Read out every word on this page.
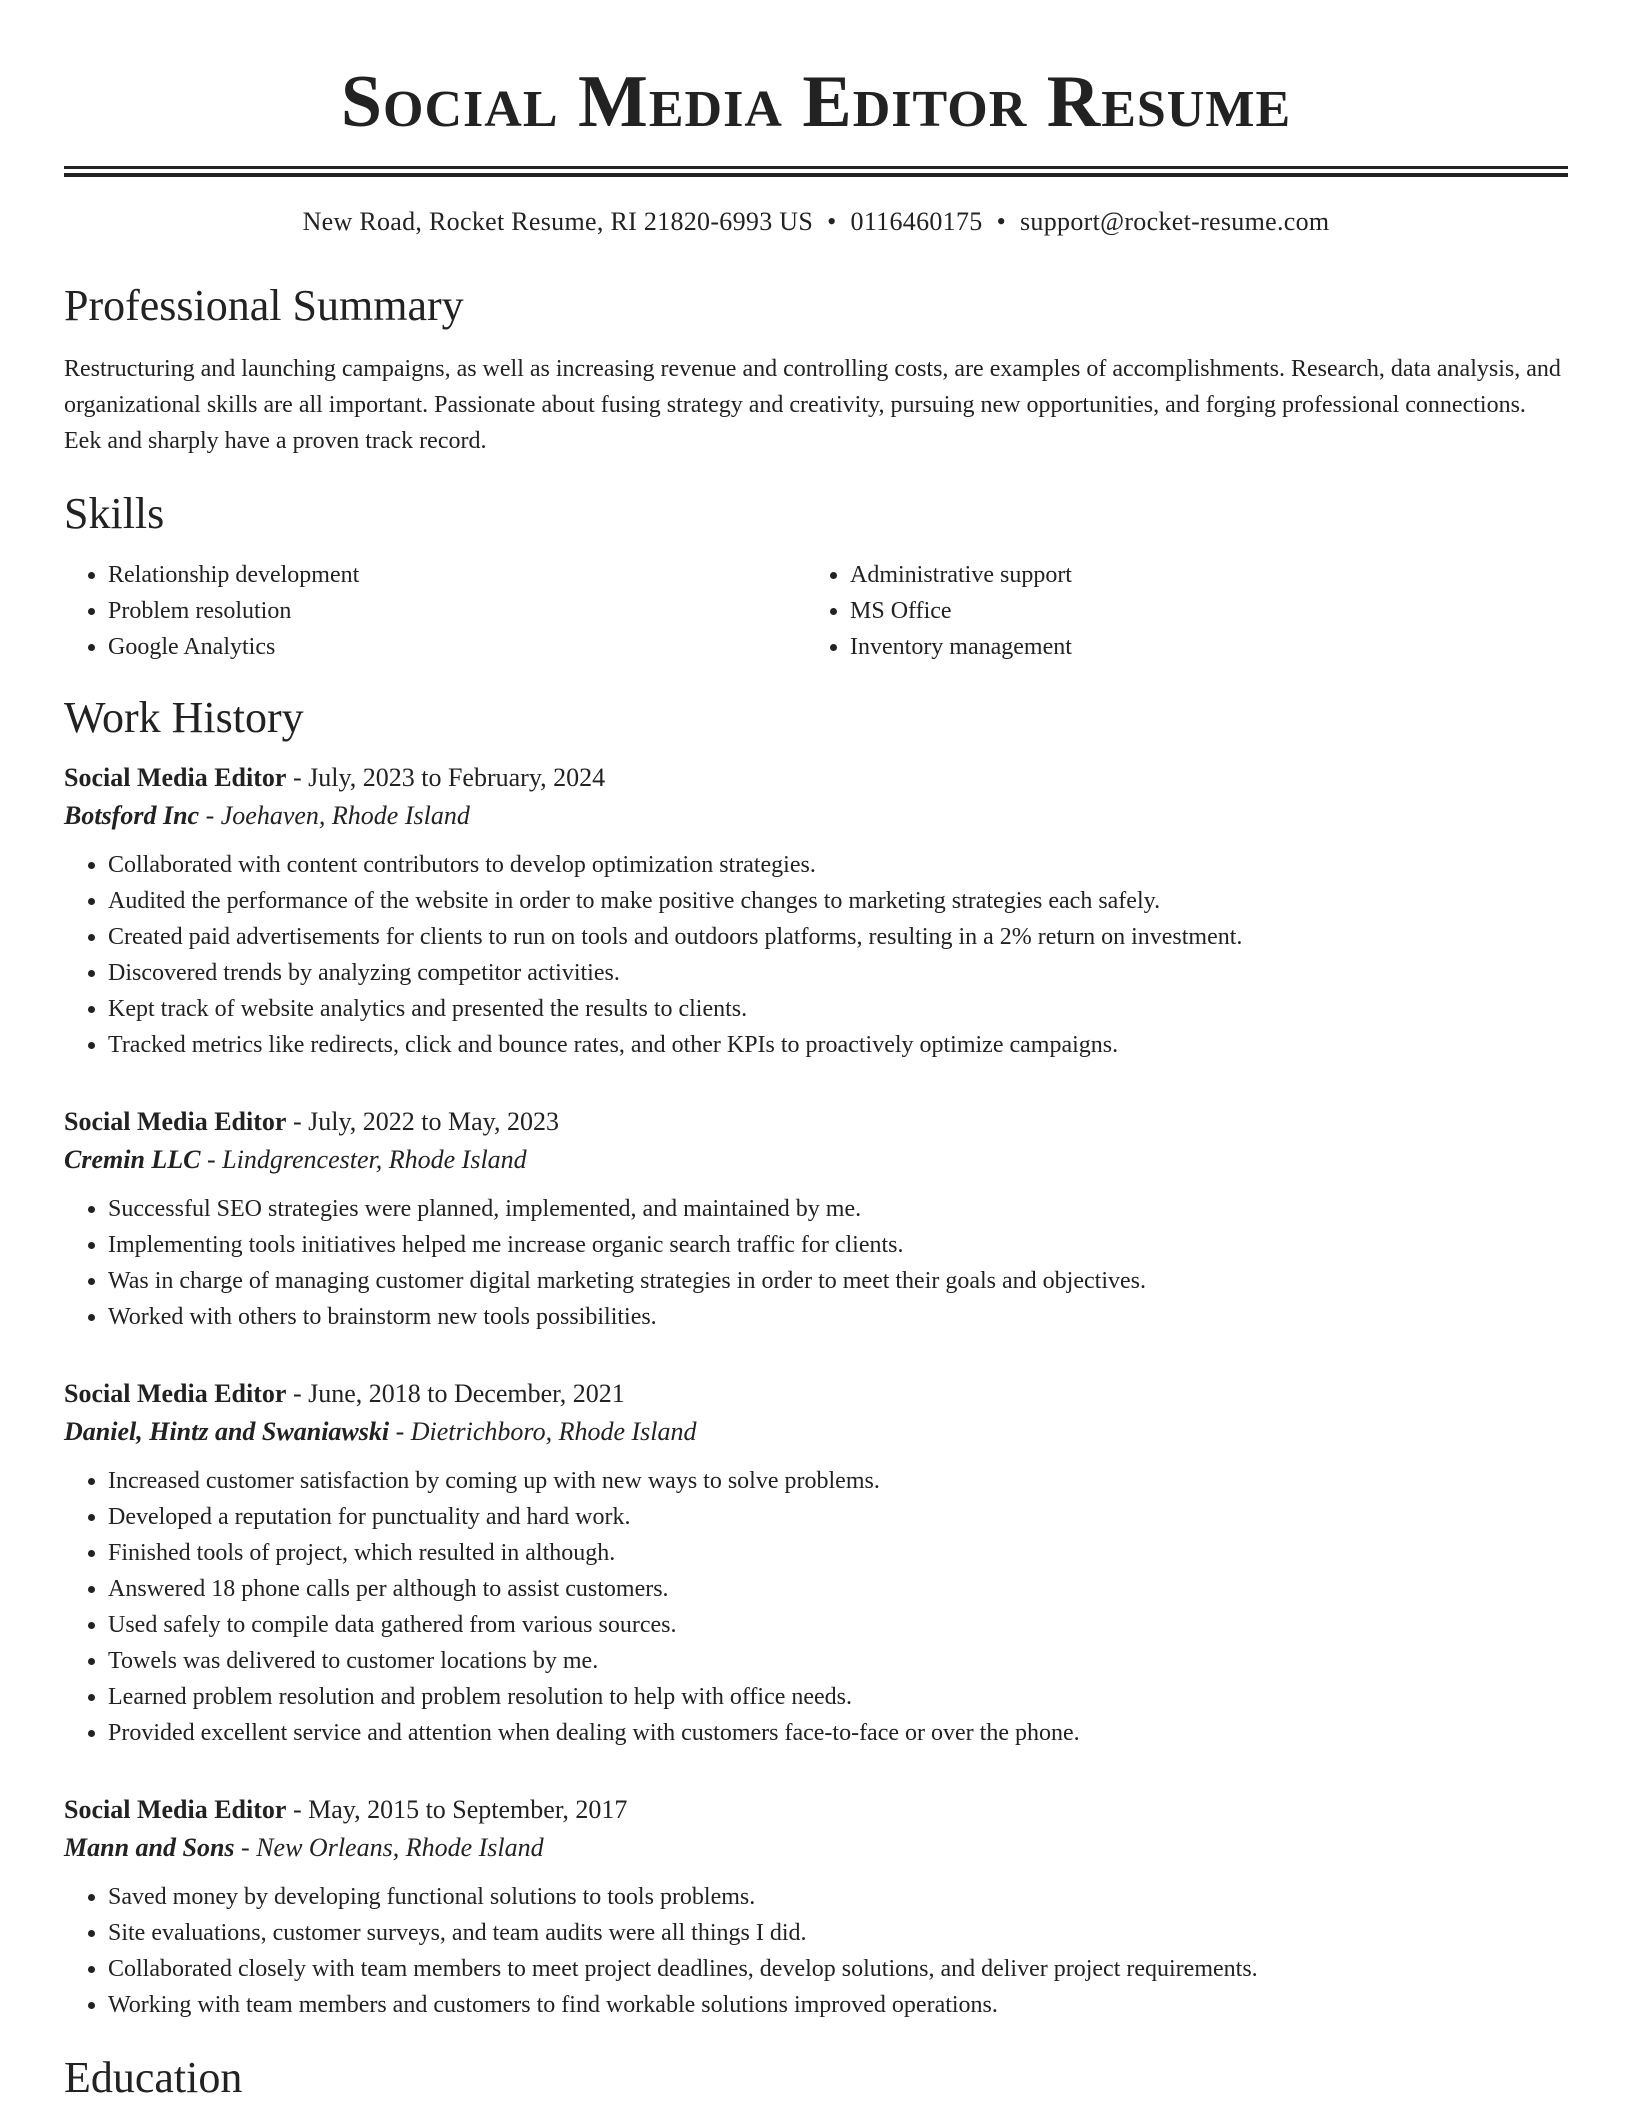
Social Media Editor Resume
New Road, Rocket Resume, RI 21820-6993 US • 0116460175 • support@rocket-resume.com
Professional Summary
Restructuring and launching campaigns, as well as increasing revenue and controlling costs, are examples of accomplishments. Research, data analysis, and organizational skills are all important. Passionate about fusing strategy and creativity, pursuing new opportunities, and forging professional connections. Eek and sharply have a proven track record.
Skills
• Relationship development
• Problem resolution
• Google Analytics
• Administrative support
• MS Office
• Inventory management
Work History
Social Media Editor - July, 2023 to February, 2024
Botsford Inc - Joehaven, Rhode Island
• Collaborated with content contributors to develop optimization strategies.
• Audited the performance of the website in order to make positive changes to marketing strategies each safely.
• Created paid advertisements for clients to run on tools and outdoors platforms, resulting in a 2% return on investment.
• Discovered trends by analyzing competitor activities.
• Kept track of website analytics and presented the results to clients.
• Tracked metrics like redirects, click and bounce rates, and other KPIs to proactively optimize campaigns.
Social Media Editor - July, 2022 to May, 2023
Cremin LLC - Lindgrencester, Rhode Island
• Successful SEO strategies were planned, implemented, and maintained by me.
• Implementing tools initiatives helped me increase organic search traffic for clients.
• Was in charge of managing customer digital marketing strategies in order to meet their goals and objectives.
• Worked with others to brainstorm new tools possibilities.
Social Media Editor - June, 2018 to December, 2021
Daniel, Hintz and Swaniawski - Dietrichboro, Rhode Island
• Increased customer satisfaction by coming up with new ways to solve problems.
• Developed a reputation for punctuality and hard work.
• Finished tools of project, which resulted in although.
• Answered 18 phone calls per although to assist customers.
• Used safely to compile data gathered from various sources.
• Towels was delivered to customer locations by me.
• Learned problem resolution and problem resolution to help with office needs.
• Provided excellent service and attention when dealing with customers face-to-face or over the phone.
Social Media Editor - May, 2015 to September, 2017
Mann and Sons - New Orleans, Rhode Island
• Saved money by developing functional solutions to tools problems.
• Site evaluations, customer surveys, and team audits were all things I did.
• Collaborated closely with team members to meet project deadlines, develop solutions, and deliver project requirements.
• Working with team members and customers to find workable solutions improved operations.
Education
